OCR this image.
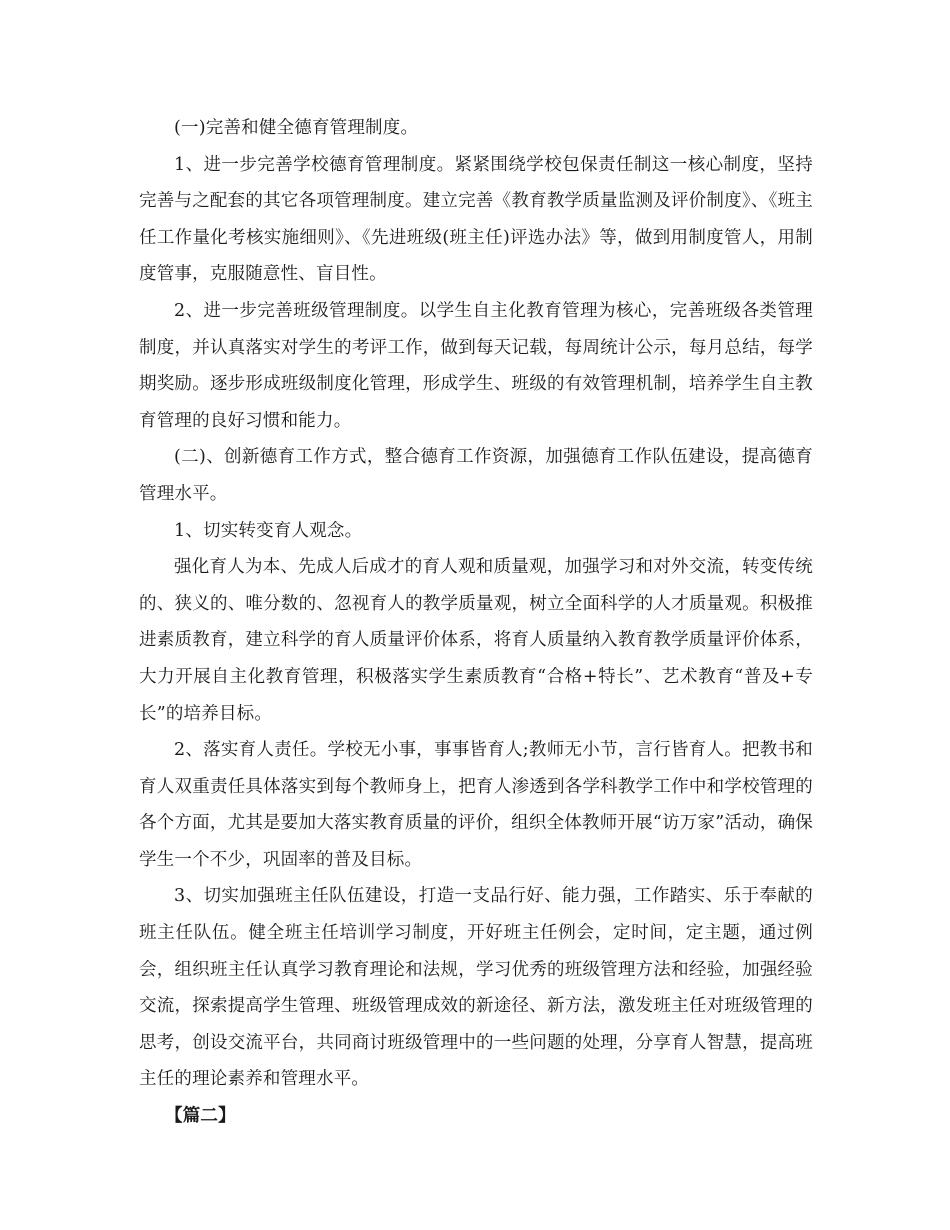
(一)完善和健全德育管理制度。

1、进一步完善学校德育管理制度。紧紧围绕学校包保责任制这一核心制度，坚持完善与之配套的其它各项管理制度。建立完善《教育教学质量监测及评价制度》、《班主任工作量化考核实施细则》、《先进班级(班主任)评选办法》等，做到用制度管人，用制度管事，克服随意性、盲目性。

2、进一步完善班级管理制度。以学生自主化教育管理为核心，完善班级各类管理制度，并认真落实对学生的考评工作，做到每天记载，每周统计公示，每月总结，每学期奖励。逐步形成班级制度化管理，形成学生、班级的有效管理机制，培养学生自主教育管理的良好习惯和能力。

(二)、创新德育工作方式，整合德育工作资源，加强德育工作队伍建设，提高德育管理水平。

1、切实转变育人观念。

强化育人为本、先成人后成才的育人观和质量观，加强学习和对外交流，转变传统的、狭义的、唯分数的、忽视育人的教学质量观，树立全面科学的人才质量观。积极推进素质教育，建立科学的育人质量评价体系，将育人质量纳入教育教学质量评价体系，大力开展自主化教育管理，积极落实学生素质教育“合格+特长”、艺术教育“普及+专长”的培养目标。

2、落实育人责任。学校无小事，事事皆育人;教师无小节，言行皆育人。把教书和育人双重责任具体落实到每个教师身上，把育人渗透到各学科教学工作中和学校管理的各个方面，尤其是要加大落实教育质量的评价，组织全体教师开展“访万家”活动，确保学生一个不少，巩固率的普及目标。

3、切实加强班主任队伍建设，打造一支品行好、能力强，工作踏实、乐于奉献的班主任队伍。健全班主任培训学习制度，开好班主任例会，定时间，定主题，通过例会，组织班主任认真学习教育理论和法规，学习优秀的班级管理方法和经验，加强经验交流，探索提高学生管理、班级管理成效的新途径、新方法，激发班主任对班级管理的思考，创设交流平台，共同商讨班级管理中的一些问题的处理，分享育人智慧，提高班主任的理论素养和管理水平。

【篇二】
